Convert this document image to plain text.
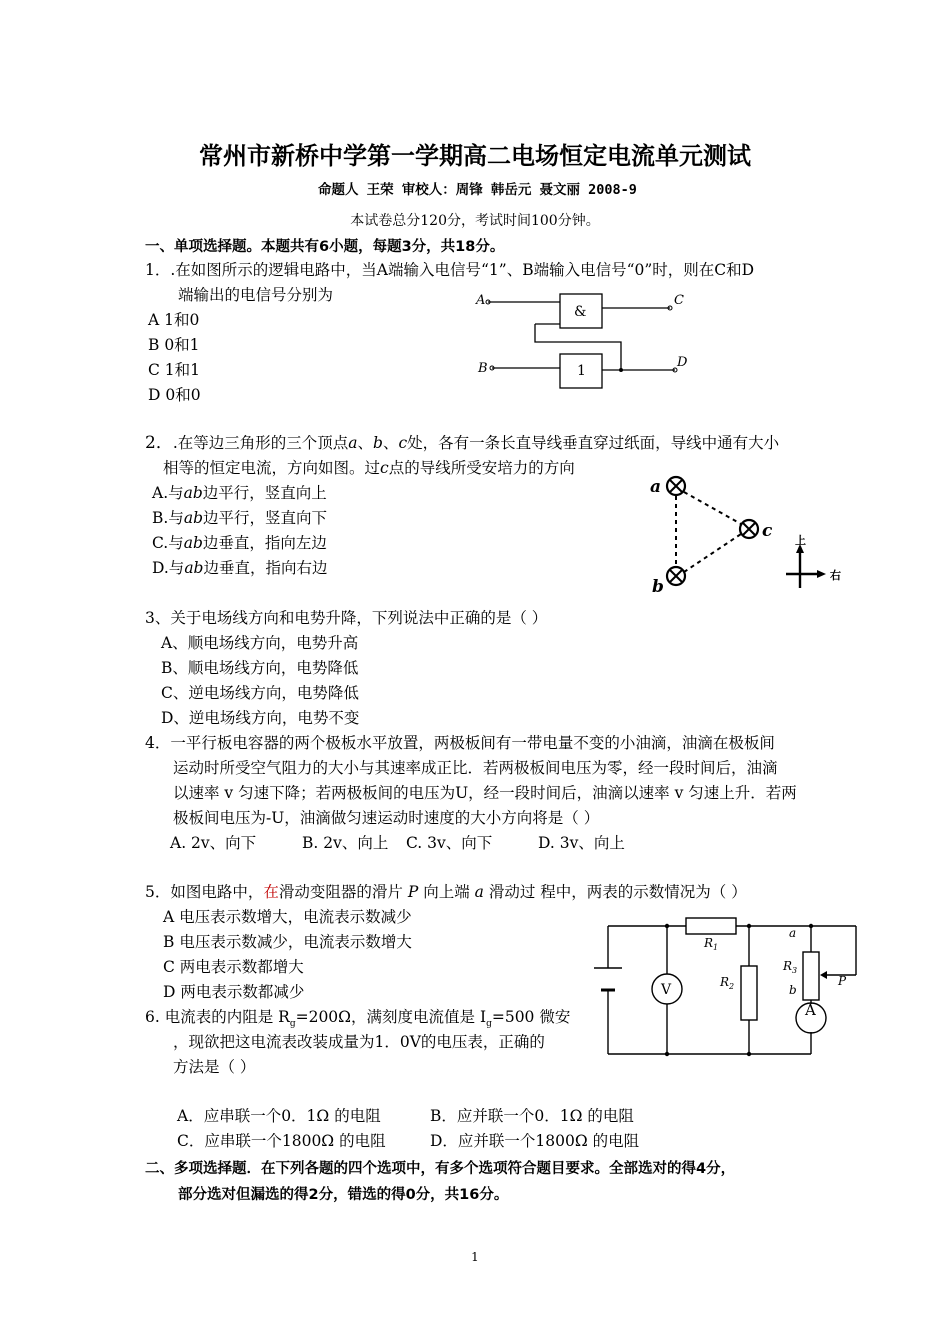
常州市新桥中学第一学期高二电场恒定电流单元测试
命题人 王荣 审校人：周锋 韩岳元 聂文丽 2008-9
本试卷总分120分，考试时间100分钟。
一、单项选择题。本题共有6小题，每题3分，共18分。
1．.在如图所示的逻辑电路中，当A端输入电信号“1”、B端输入电信号“0”时，则在C和D
端输出的电信号分别为
A 1和0
B 0和1
C 1和1
D 0和0
A
B
C
D
&
1
2．.在等边三角形的三个顶点a、b、c处，各有一条长直导线垂直穿过纸面，导线中通有大小
相等的恒定电流，方向如图。过c点的导线所受安培力的方向
A.与ab边平行，竖直向上
B.与ab边平行，竖直向下
C.与ab边垂直，指向左边
D.与ab边垂直，指向右边
a
c
b
上
右
3、关于电场线方向和电势升降，下列说法中正确的是（ ）
A、顺电场线方向，电势升高
B、顺电场线方向，电势降低
C、逆电场线方向，电势降低
D、逆电场线方向，电势不变
4．一平行板电容器的两个极板水平放置，两极板间有一带电量不变的小油滴，油滴在极板间
运动时所受空气阻力的大小与其速率成正比．若两极板间电压为零，经一段时间后，油滴
以速率 v 匀速下降；若两极板间的电压为U，经一段时间后，油滴以速率 v 匀速上升．若两
极板间电压为-U，油滴做匀速运动时速度的大小方向将是（ ）
A. 2v、向下	B. 2v、向上 C. 3v、向下	D. 3v、向上
5．如图电路中，在滑动变阻器的滑片 P 向上端 a 滑动过 程中，两表的示数情况为（ ）
A 电压表示数增大，电流表示数减少
B 电压表示数减少，电流表示数增大
C 两电表示数都增大
D 两电表示数都减少
$R_1$
$R_2$
$R_3$
a
b
P
V
A
6. 电流表的内阻是 $R_g=200\Omega$，满刻度电流值是 $I_g=500$ 微安
，现欲把这电流表改装成量为1．0V的电压表，正确的
方法是（ ）
A．应串联一个0．1Ω 的电阻	B．应并联一个0．1Ω 的电阻
C．应串联一个1800Ω 的电阻	D．应并联一个1800Ω 的电阻
二、多项选择题．在下列各题的四个选项中，有多个选项符合题目要求。全部选对的得4分，
部分选对但漏选的得2分，错选的得0分，共16分。
1
